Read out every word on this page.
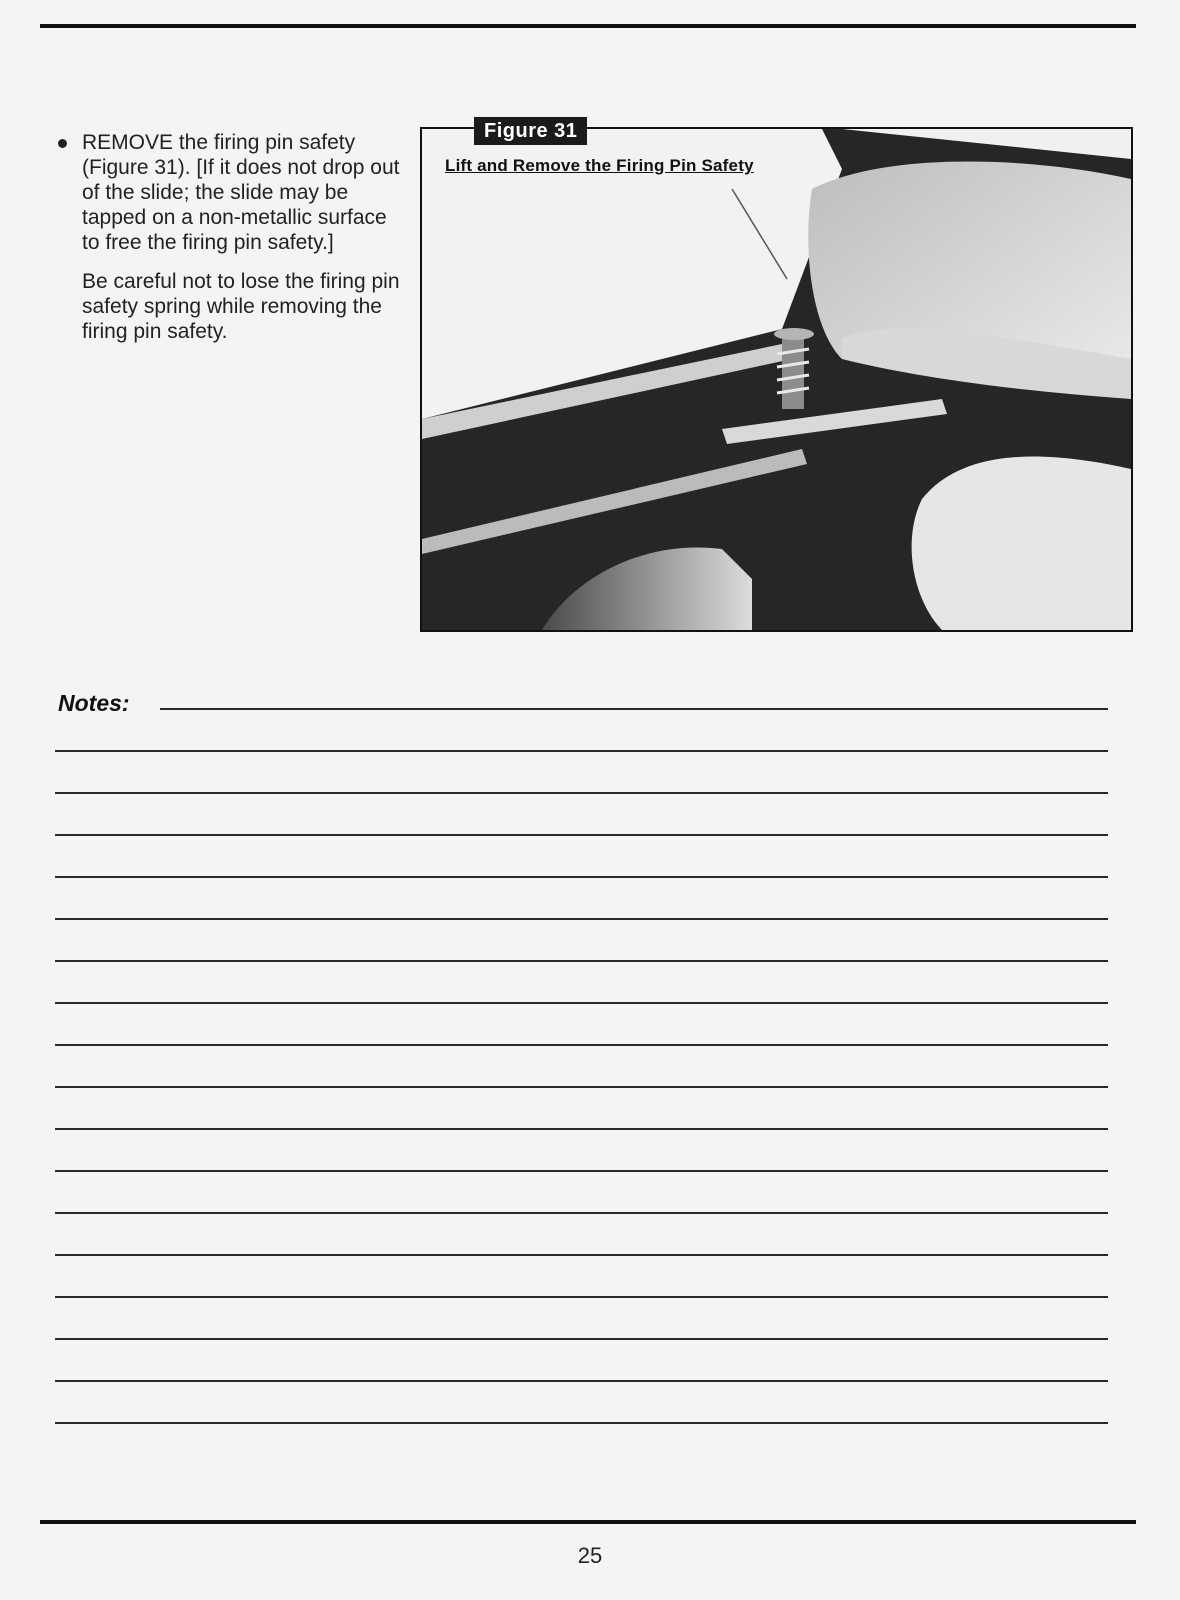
REMOVE the firing pin safety (Figure 31). [If it does not drop out of the slide; the slide may be tapped on a non-metallic surface to free the firing pin safety.]

Be careful not to lose the firing pin safety spring while removing the firing pin safety.

Figure 31
Lift and Remove the Firing Pin Safety
Notes:
25
